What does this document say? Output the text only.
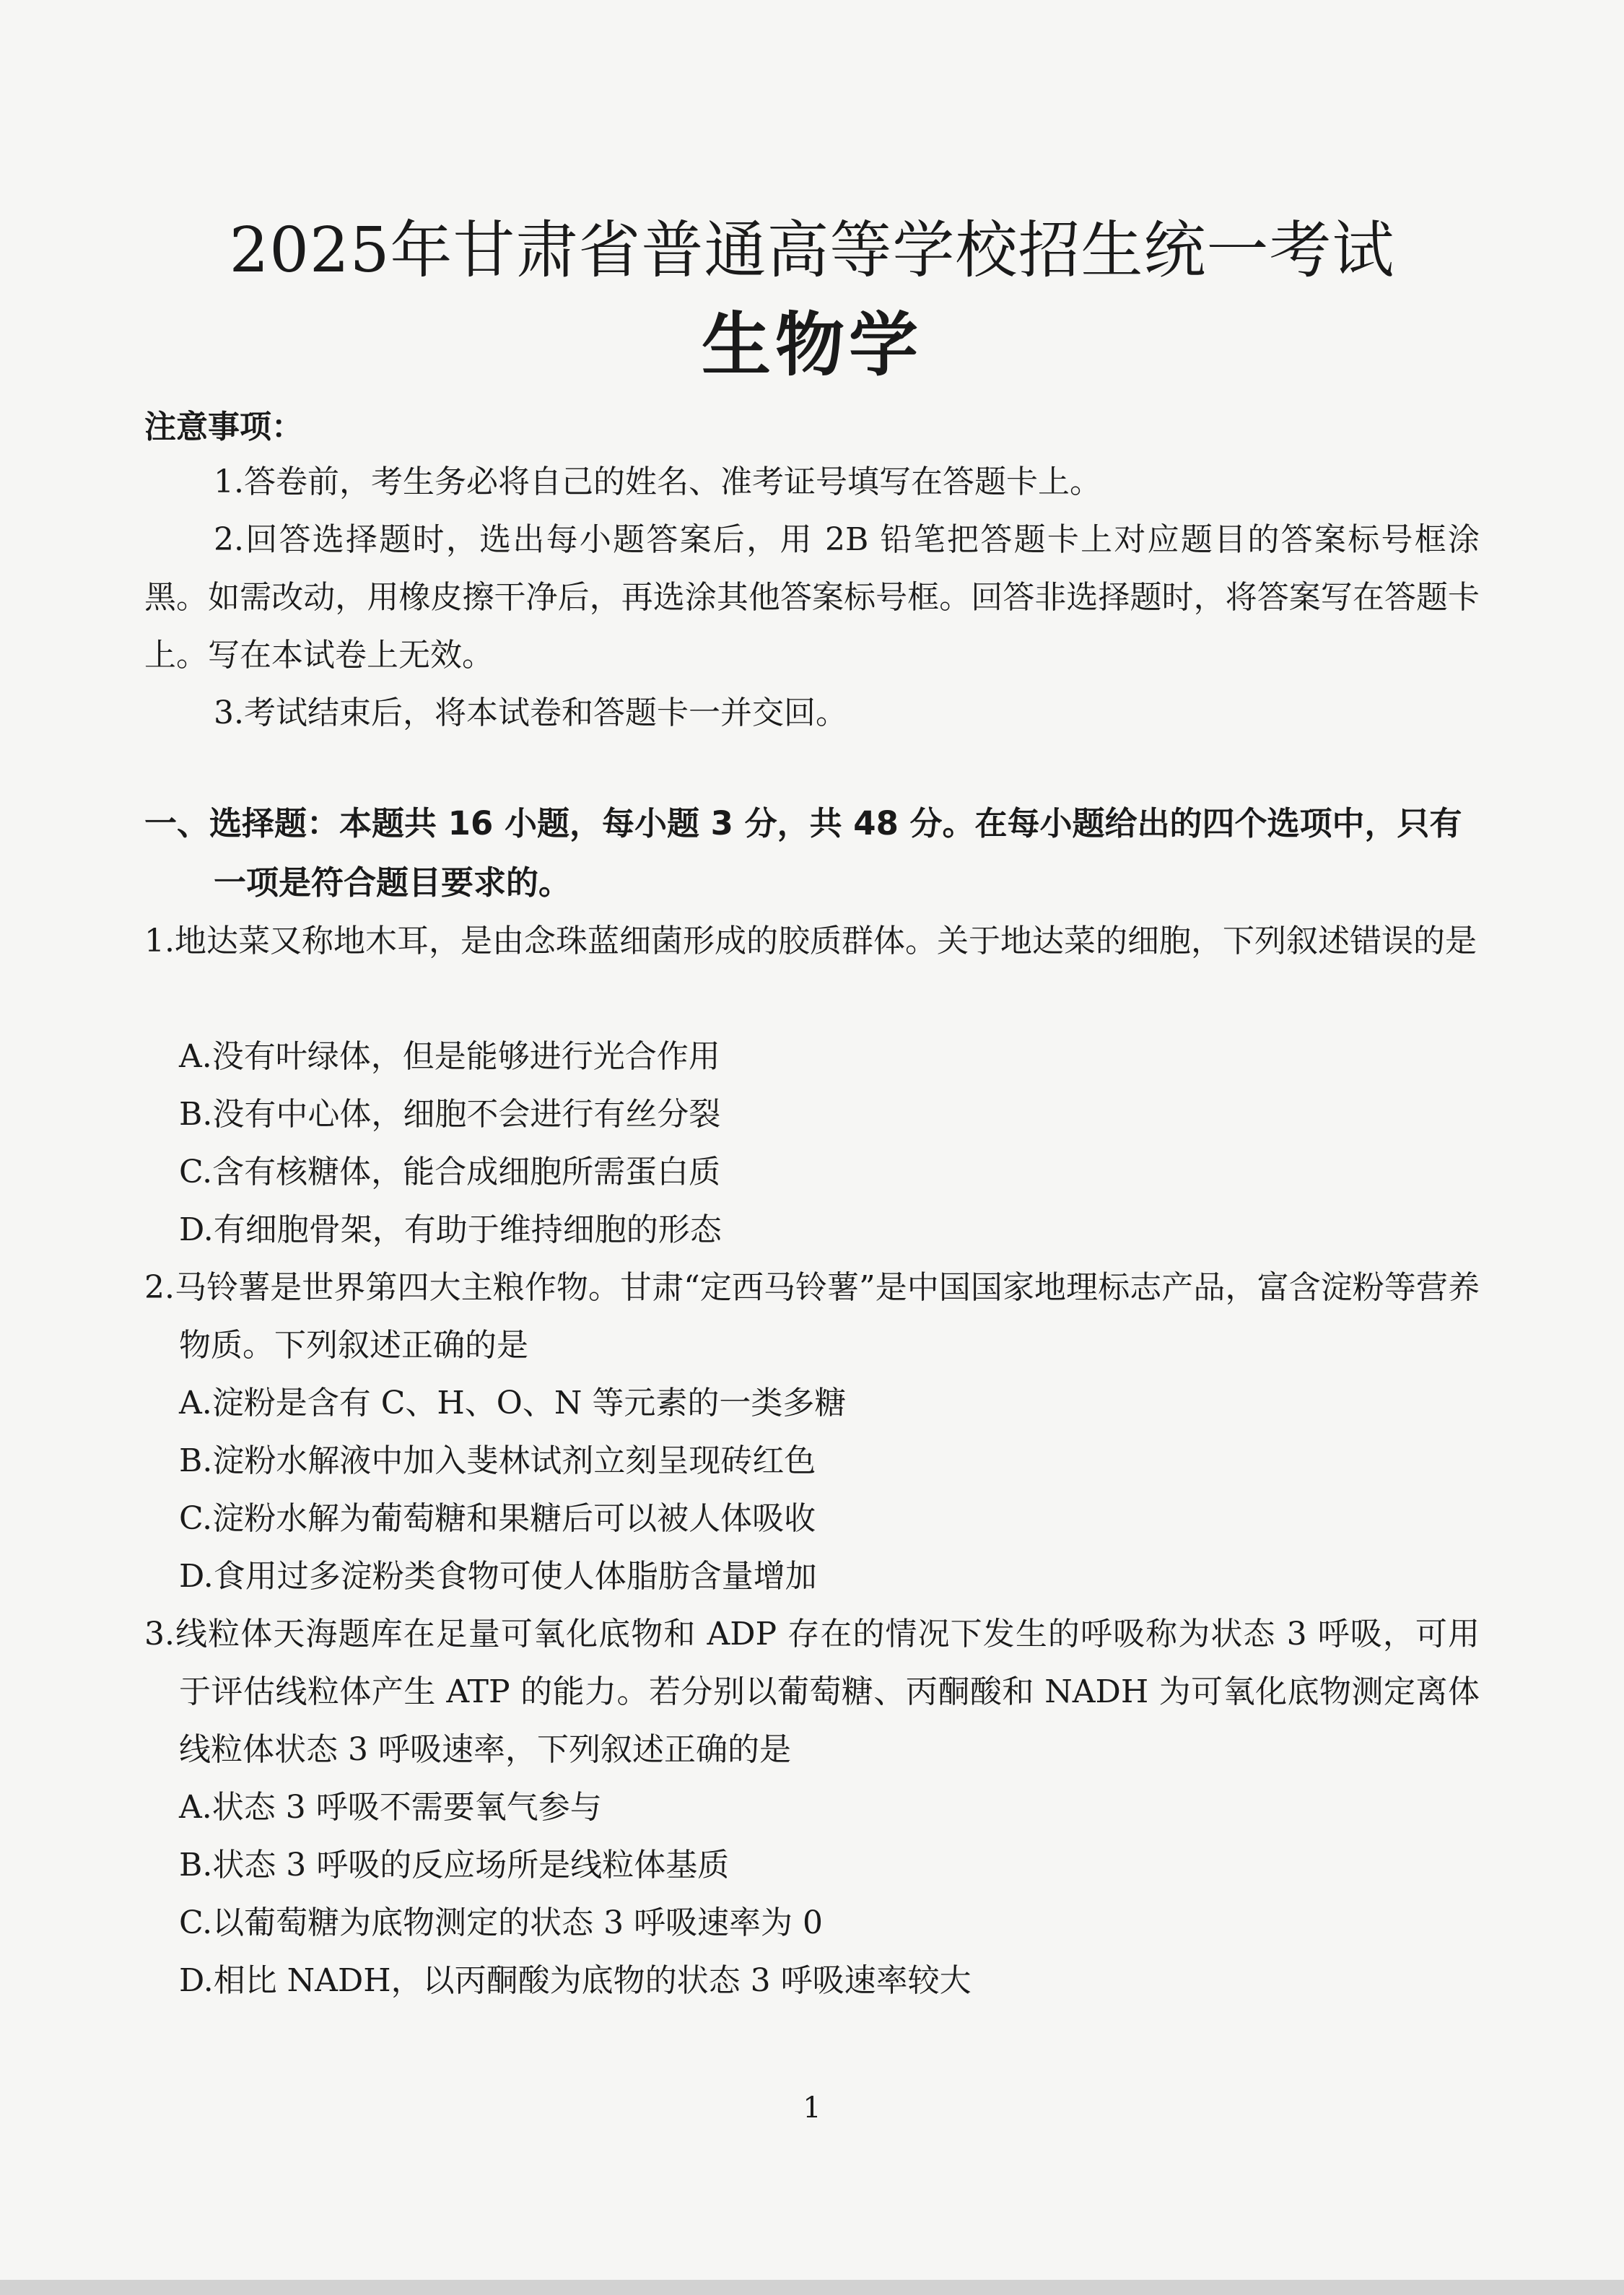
2025年甘肃省普通高等学校招生统一考试
生物学
注意事项：
1.答卷前，考生务必将自己的姓名、准考证号填写在答题卡上。
2.回答选择题时，选出每小题答案后，用 2B 铅笔把答题卡上对应题目的答案标号框涂黑。如需改动，用橡皮擦干净后，再选涂其他答案标号框。回答非选择题时，将答案写在答题卡上。写在本试卷上无效。
3.考试结束后，将本试卷和答题卡一并交回。
一、选择题：本题共 16 小题，每小题 3 分，共 48 分。在每小题给出的四个选项中，只有一项是符合题目要求的。
1.地达菜又称地木耳，是由念珠蓝细菌形成的胶质群体。关于地达菜的细胞，下列叙述错误的是
A.没有叶绿体，但是能够进行光合作用
B.没有中心体，细胞不会进行有丝分裂
C.含有核糖体，能合成细胞所需蛋白质
D.有细胞骨架，有助于维持细胞的形态
2.马铃薯是世界第四大主粮作物。甘肃“定西马铃薯”是中国国家地理标志产品，富含淀粉等营养物质。下列叙述正确的是
A.淀粉是含有 C、H、O、N 等元素的一类多糖
B.淀粉水解液中加入斐林试剂立刻呈现砖红色
C.淀粉水解为葡萄糖和果糖后可以被人体吸收
D.食用过多淀粉类食物可使人体脂肪含量增加
3.线粒体天海题库在足量可氧化底物和 ADP 存在的情况下发生的呼吸称为状态 3 呼吸，可用于评估线粒体产生 ATP 的能力。若分别以葡萄糖、丙酮酸和 NADH 为可氧化底物测定离体线粒体状态 3 呼吸速率，下列叙述正确的是
A.状态 3 呼吸不需要氧气参与
B.状态 3 呼吸的反应场所是线粒体基质
C.以葡萄糖为底物测定的状态 3 呼吸速率为 0
D.相比 NADH，以丙酮酸为底物的状态 3 呼吸速率较大
1
